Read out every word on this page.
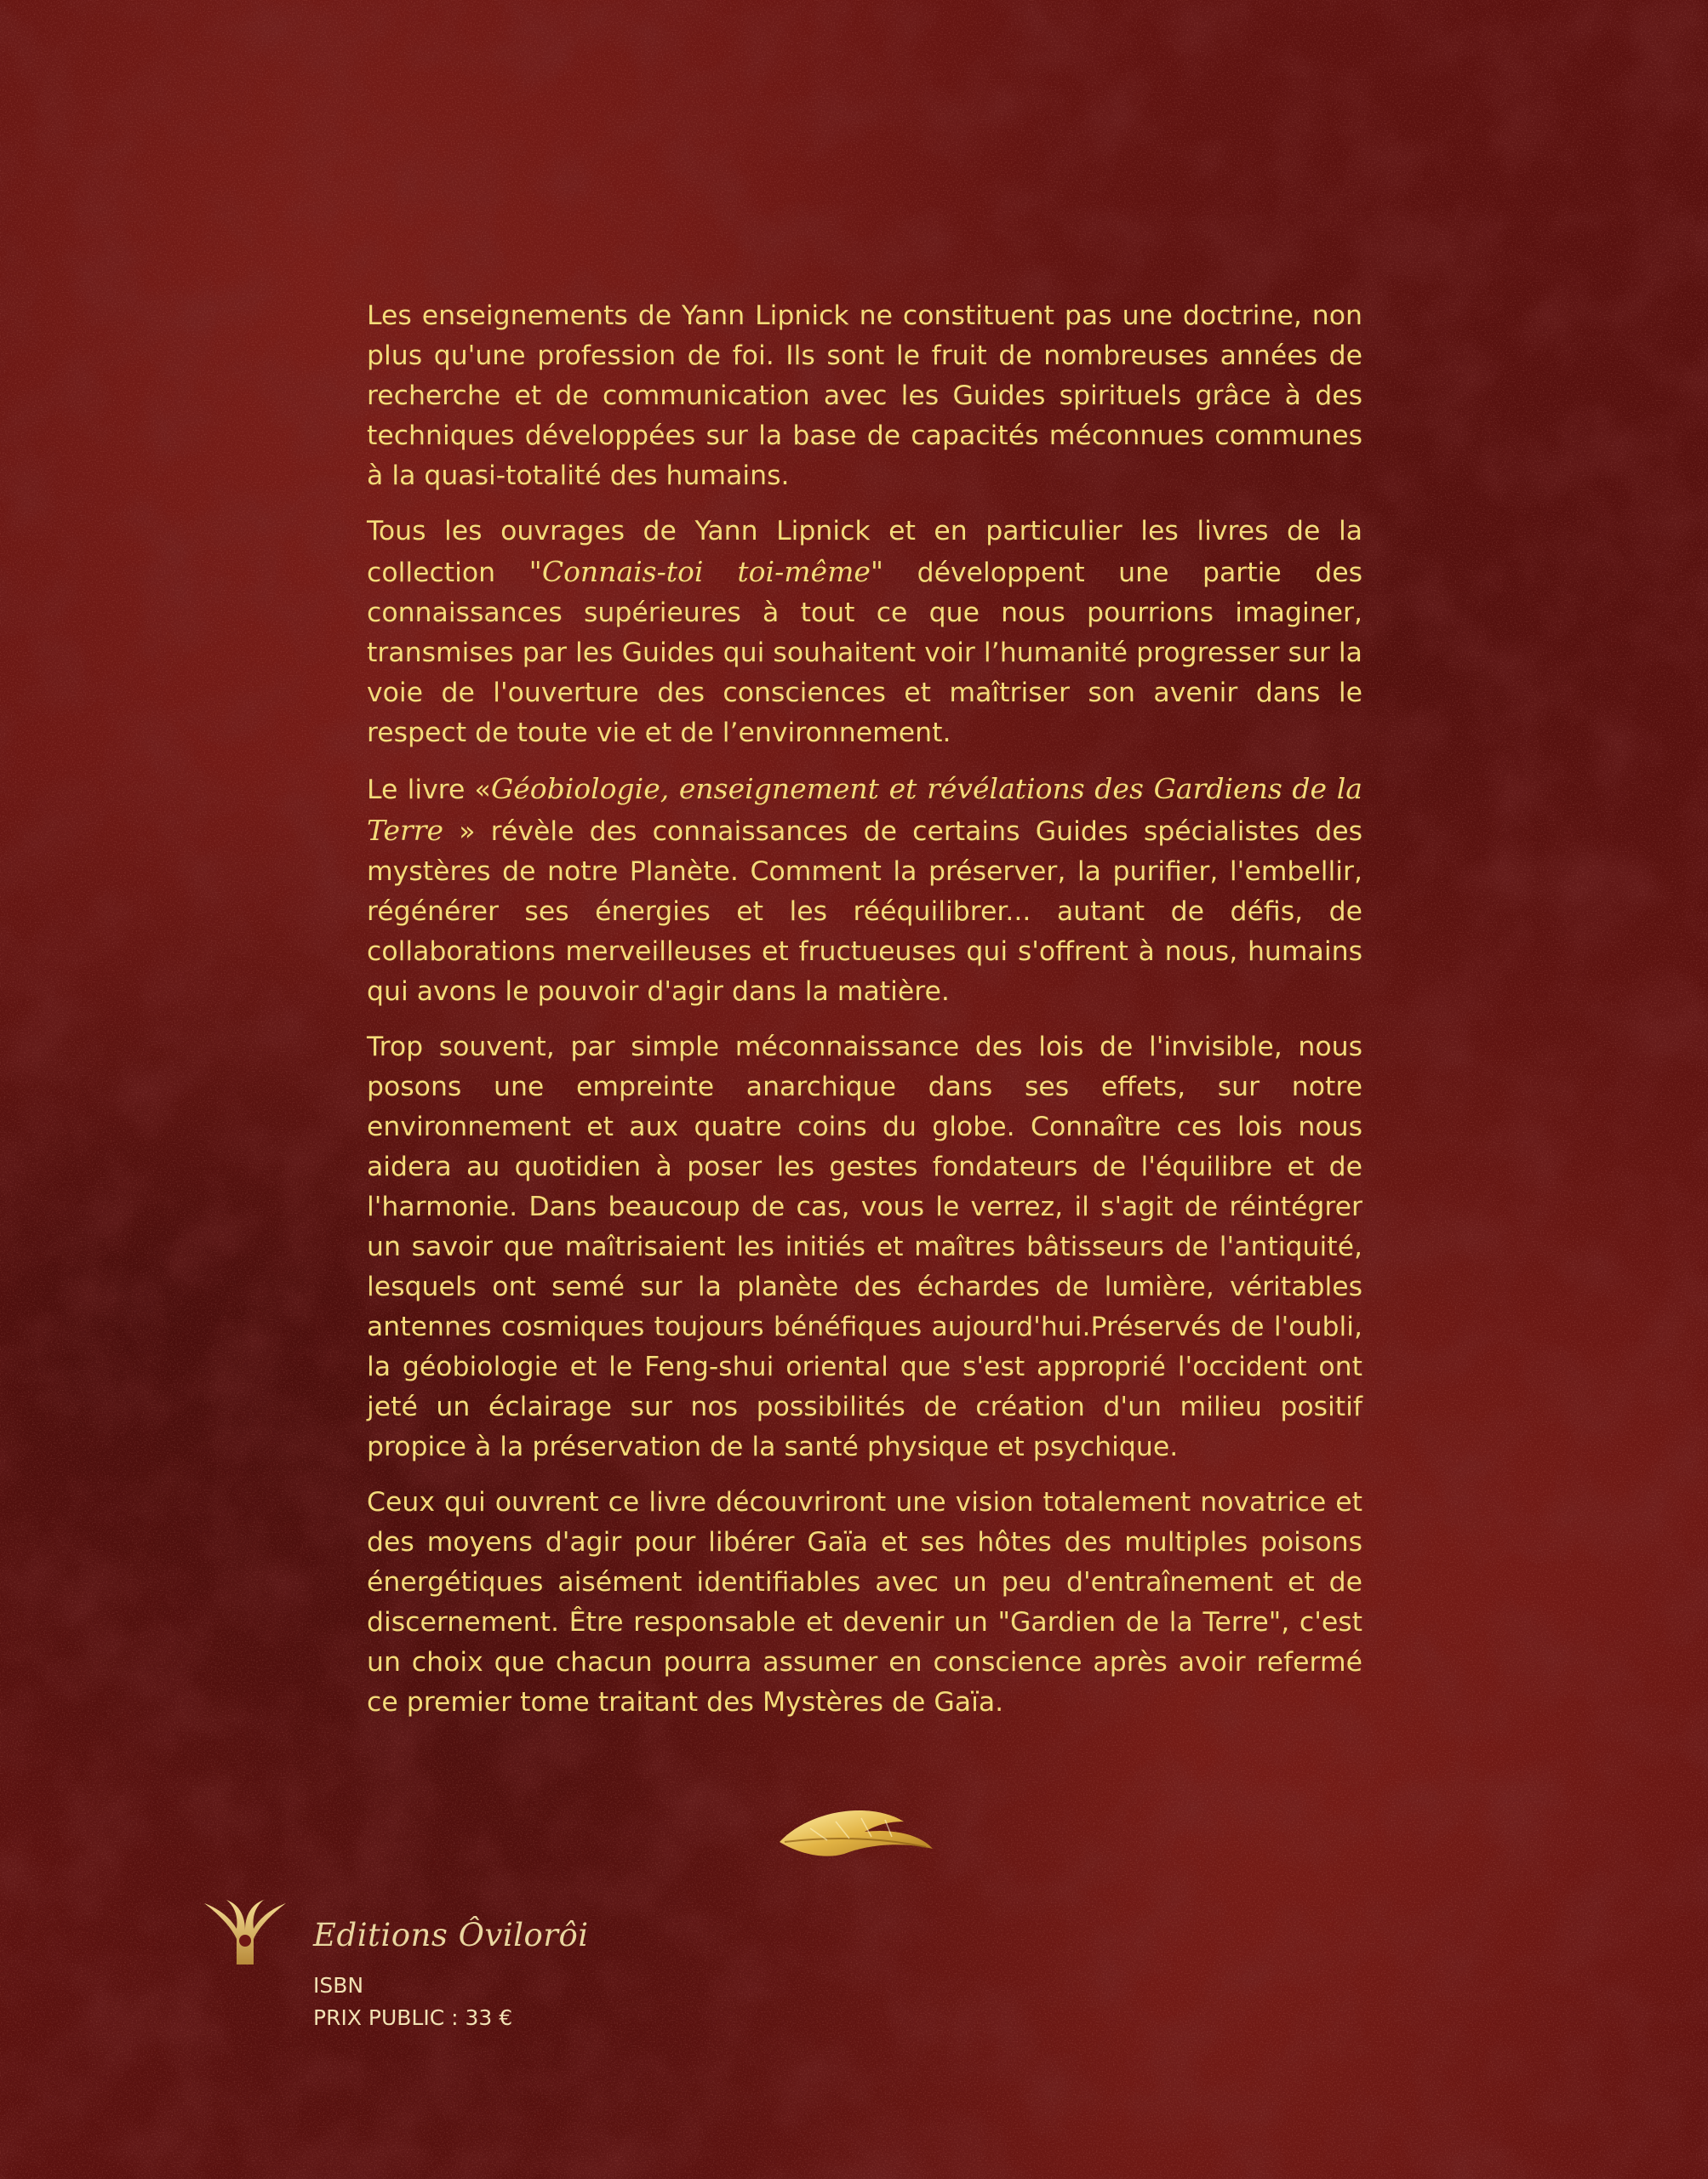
Les enseignements de Yann Lipnick ne constituent pas une doctrine, non plus qu'une profession de foi. Ils sont le fruit de nombreuses années de recherche et de communication avec les Guides spirituels grâce à des techniques développées sur la base de capacités méconnues communes à la quasi-totalité des humains.

Tous les ouvrages de Yann Lipnick et en particulier les livres de la collection "Connais-toi toi-même" développent une partie des connaissances supérieures à tout ce que nous pourrions imaginer, transmises par les Guides qui souhaitent voir l’humanité progresser sur la voie de l'ouverture des consciences et maîtriser son avenir dans le respect de toute vie et de l’environnement.

Le livre «Géobiologie, enseignement et révélations des Gardiens de la Terre » révèle des connaissances de certains Guides spécialistes des mystères de notre Planète. Comment la préserver, la purifier, l'embellir, régénérer ses énergies et les rééquilibrer... autant de défis, de collaborations merveilleuses et fructueuses qui s'offrent à nous, humains qui avons le pouvoir d'agir dans la matière.

Trop souvent, par simple méconnaissance des lois de l'invisible, nous posons une empreinte anarchique dans ses effets, sur notre environnement et aux quatre coins du globe. Connaître ces lois nous aidera au quotidien à poser les gestes fondateurs de l'équilibre et de l'harmonie. Dans beaucoup de cas, vous le verrez, il s'agit de réintégrer un savoir que maîtrisaient les initiés et maîtres bâtisseurs de l'antiquité, lesquels ont semé sur la planète des échardes de lumière, véritables antennes cosmiques toujours bénéfiques aujourd'hui.Préservés de l'oubli, la géobiologie et le Feng-shui oriental que s'est approprié l'occident ont jeté un éclairage sur nos possibilités de création d'un milieu positif propice à la préservation de la santé physique et psychique.

Ceux qui ouvrent ce livre découvriront une vision totalement novatrice et des moyens d'agir pour libérer Gaïa et ses hôtes des multiples poisons énergétiques aisément identifiables avec un peu d'entraînement et de discernement. Être responsable et devenir un "Gardien de la Terre", c'est un choix que chacun pourra assumer en conscience après avoir refermé ce premier tome traitant des Mystères de Gaïa.

Editions Ôvilorôi
ISBN
PRIX PUBLIC : 33 €
